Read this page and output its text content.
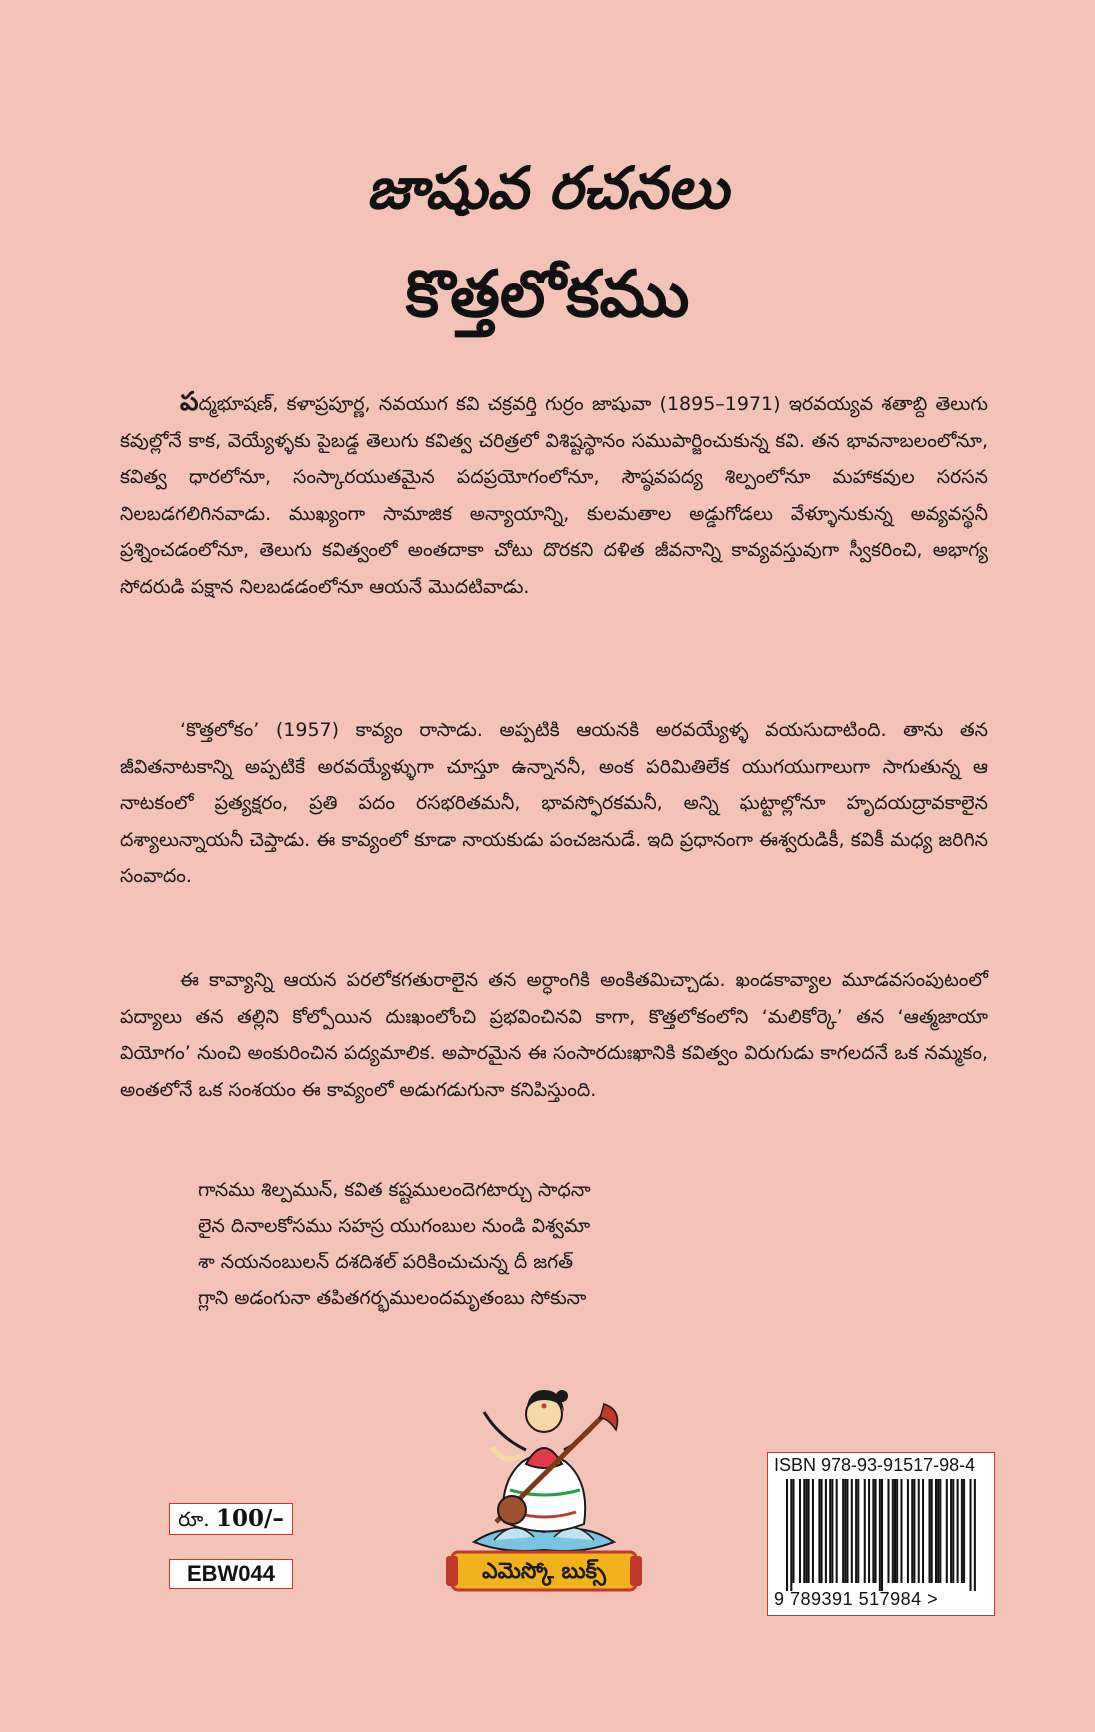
జాషువ రచనలు
కొత్తలోకము

పద్మభూషణ్, కళాప్రపూర్ణ, నవయుగ కవి చక్రవర్తి గుర్రం జాషువా (1895–1971) ఇరవయ్యవ శతాబ్ది తెలుగు కవుల్లోనే కాక, వెయ్యేళ్ళకు పైబడ్డ తెలుగు కవిత్వ చరిత్రలో విశిష్టస్థానం సముపార్జించుకున్న కవి. తన భావనాబలంలోనూ, కవిత్వ ధారలోనూ, సంస్కారయుతమైన పదప్రయోగంలోనూ, సౌష్ఠవపద్య శిల్పంలోనూ మహాకవుల సరసన నిలబడగలిగినవాడు. ముఖ్యంగా సామాజిక అన్యాయాన్ని, కులమతాల అడ్డుగోడలు వేళ్ళూనుకున్న అవ్యవస్థనీ ప్రశ్నించడంలోనూ, తెలుగు కవిత్వంలో అంతదాకా చోటు దొరకని దళిత జీవనాన్ని కావ్యవస్తువుగా స్వీకరించి, అభాగ్య సోదరుడి పక్షాన నిలబడడంలోనూ ఆయనే మొదటివాడు.

‘కొత్తలోకం’ (1957) కావ్యం రాసాడు. అప్పటికి ఆయనకి అరవయ్యేళ్ళ వయసుదాటింది. తాను తన జీవితనాటకాన్ని అప్పటికే అరవయ్యేళ్ళుగా చూస్తూ ఉన్నాననీ, అంక పరిమితిలేక యుగయుగాలుగా సాగుతున్న ఆ నాటకంలో ప్రత్యక్షరం, ప్రతి పదం రసభరితమనీ, భావస్ఫోరకమనీ, అన్ని ఘట్టాల్లోనూ హృదయద్రావకాలైన దశ్యాలున్నాయనీ చెప్తాడు. ఈ కావ్యంలో కూడా నాయకుడు పంచజనుడే. ఇది ప్రధానంగా ఈశ్వరుడికీ, కవికీ మధ్య జరిగిన సంవాదం.

ఈ కావ్యాన్ని ఆయన పరలోకగతురాలైన తన అర్ధాంగికి అంకితమిచ్చాడు. ఖండకావ్యాల మూడవసంపుటంలో పద్యాలు తన తల్లిని కోల్పోయిన దుఃఖంలోంచి ప్రభవించినవి కాగా, కొత్తలోకంలోని ‘మలికోర్కె’ తన ‘ఆత్మజాయా వియోగం’ నుంచి అంకురించిన పద్యమాలిక. అపారమైన ఈ సంసారదుఃఖానికి కవిత్వం విరుగుడు కాగలదనే ఒక నమ్మకం, అంతలోనే ఒక సంశయం ఈ కావ్యంలో అడుగడుగునా కనిపిస్తుంది.

గానము శిల్పమున్, కవిత కష్టములందెగటార్చు సాధనా
లైన దినాలకోసము సహస్ర యుగంబుల నుండి విశ్వమా
శా నయనంబులన్ దశదిశల్ పరికించుచున్న దీ జగత్
గ్లాని అడంగునా తపితగర్భములందమృతంబు సోకునా
రూ. 100/–
EBW044	ఎమెస్కో బుక్స్
ISBN 978-93-91517-98-4
9 789391 517984 >
